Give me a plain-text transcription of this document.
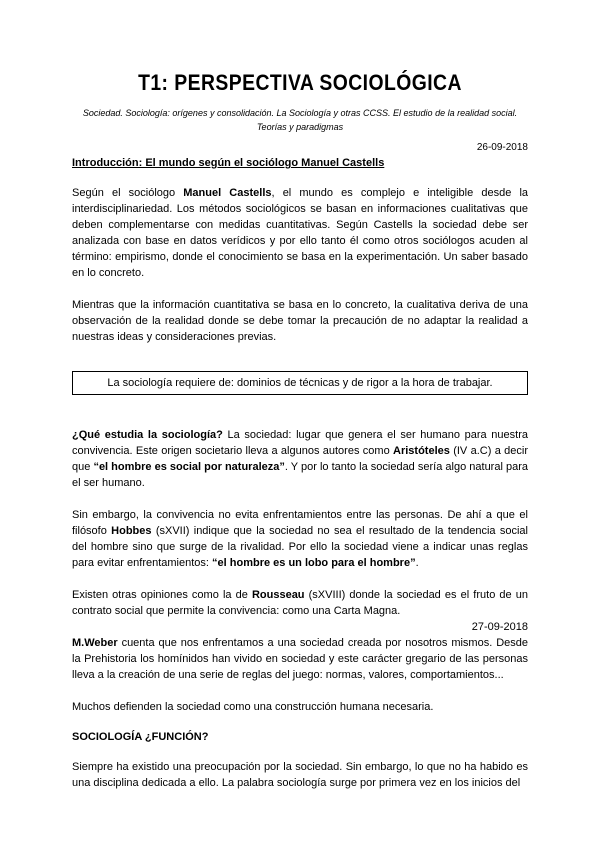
T1: PERSPECTIVA SOCIOLÓGICA
Sociedad. Sociología: orígenes y consolidación. La Sociología y otras CCSS. El estudio de la realidad social. Teorías y paradigmas
26-09-2018
Introducción: El mundo según el sociólogo Manuel Castells

Según el sociólogo Manuel Castells, el mundo es complejo e inteligible desde la interdisciplinariedad. Los métodos sociológicos se basan en informaciones cualitativas que deben complementarse con medidas cuantitativas. Según Castells la sociedad debe ser analizada con base en datos verídicos y por ello tanto él como otros sociólogos acuden al término: empirismo, donde el conocimiento se basa en la experimentación. Un saber basado en lo concreto.

Mientras que la información cuantitativa se basa en lo concreto, la cualitativa deriva de una observación de la realidad donde se debe tomar la precaución de no adaptar la realidad a nuestras ideas y consideraciones previas.

La sociología requiere de: dominios de técnicas y de rigor a la hora de trabajar.

¿Qué estudia la sociología? La sociedad: lugar que genera el ser humano para nuestra convivencia. Este origen societario lleva a algunos autores como Aristóteles (IV a.C) a decir que “el hombre es social por naturaleza”. Y por lo tanto la sociedad sería algo natural para el ser humano.

Sin embargo, la convivencia no evita enfrentamientos entre las personas. De ahí a que el filósofo Hobbes (sXVII) indique que la sociedad no sea el resultado de la tendencia social del hombre sino que surge de la rivalidad. Por ello la sociedad viene a indicar unas reglas para evitar enfrentamientos: “el hombre es un lobo para el hombre”.

Existen otras opiniones como la de Rousseau (sXVIII) donde la sociedad es el fruto de un contrato social que permite la convivencia: como una Carta Magna.

27-09-2018

M.Weber cuenta que nos enfrentamos a una sociedad creada por nosotros mismos. Desde la Prehistoria los homínidos han vivido en sociedad y este carácter gregario de las personas lleva a la creación de una serie de reglas del juego: normas, valores, comportamientos...

Muchos defienden la sociedad como una construcción humana necesaria.

SOCIOLOGÍA ¿FUNCIÓN?

Siempre ha existido una preocupación por la sociedad. Sin embargo, lo que no ha habido es una disciplina dedicada a ello. La palabra sociología surge por primera vez en los inicios del
